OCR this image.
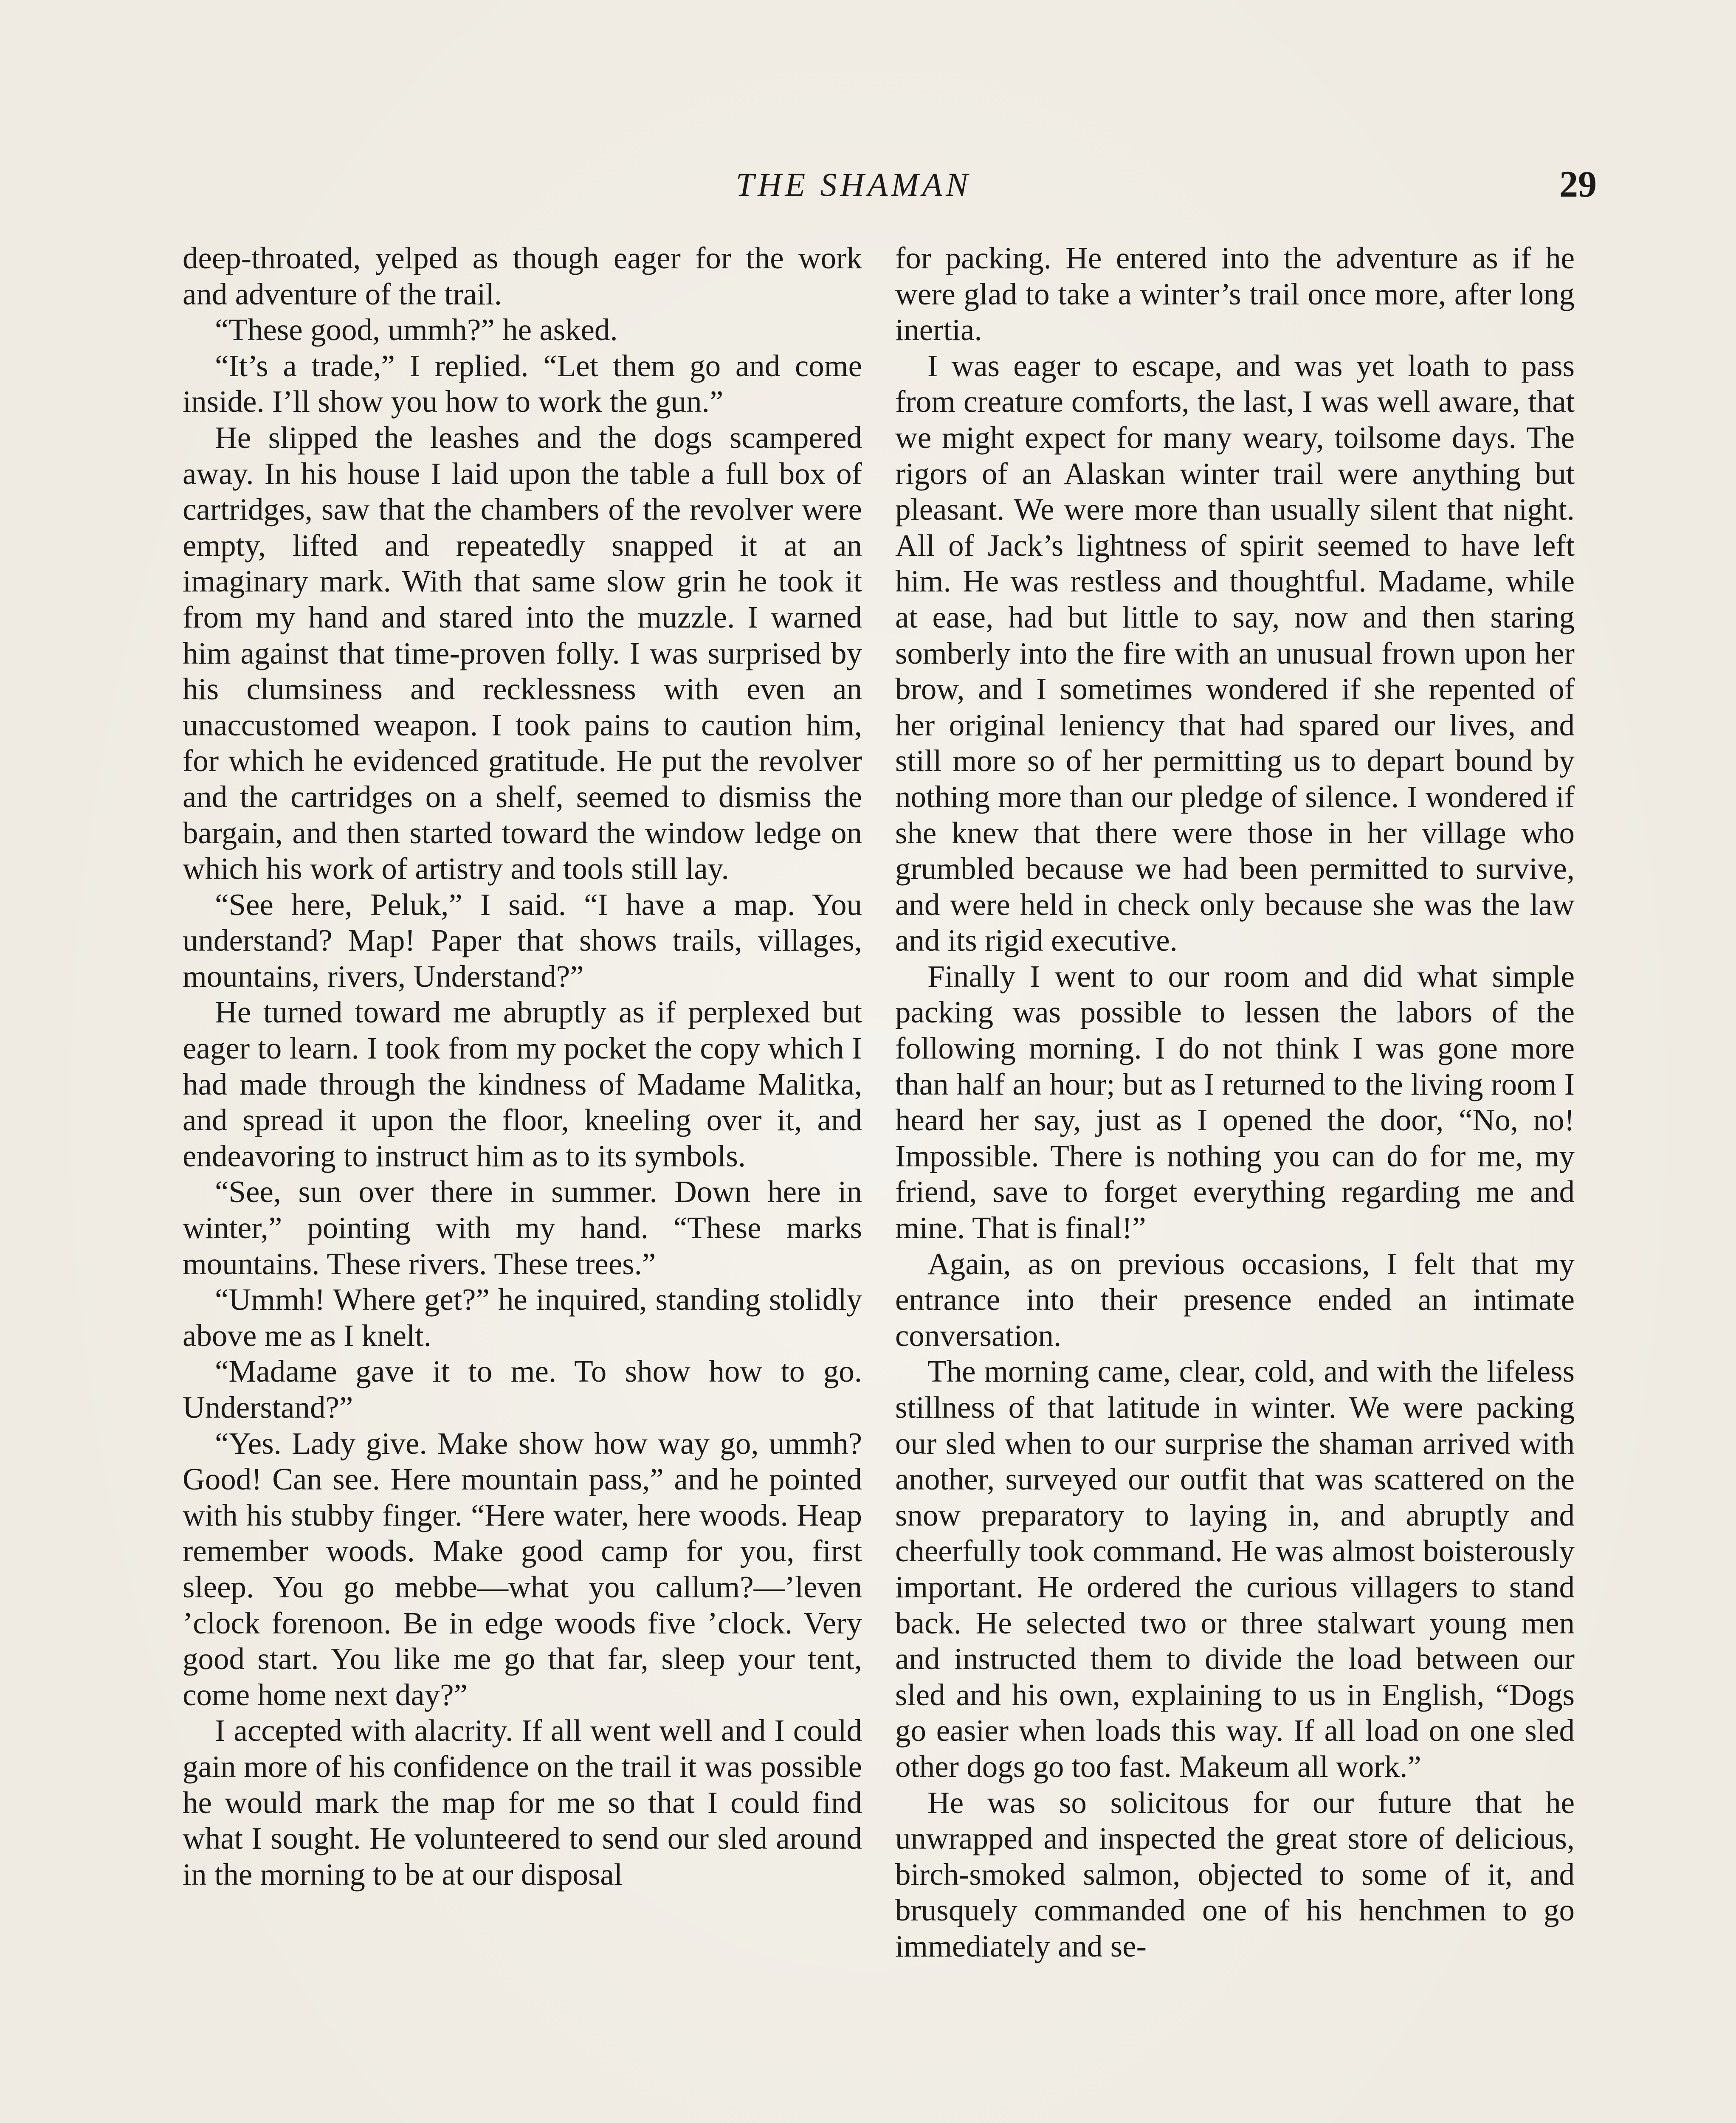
THE SHAMAN	29

deep-throated, yelped as though eager for the work and adventure of the trail.

“These good, ummh?” he asked.

“It’s a trade,” I replied. “Let them go and come inside. I’ll show you how to work the gun.”

He slipped the leashes and the dogs scampered away. In his house I laid upon the table a full box of cartridges, saw that the chambers of the revolver were empty, lifted and repeatedly snapped it at an imaginary mark. With that same slow grin he took it from my hand and stared into the muzzle. I warned him against that time-proven folly. I was surprised by his clumsiness and recklessness with even an unaccustomed weapon. I took pains to caution him, for which he evidenced gratitude. He put the revolver and the cartridges on a shelf, seemed to dismiss the bargain, and then started toward the window ledge on which his work of artistry and tools still lay.

“See here, Peluk,” I said. “I have a map. You understand? Map! Paper that shows trails, villages, mountains, rivers, Understand?”

He turned toward me abruptly as if perplexed but eager to learn. I took from my pocket the copy which I had made through the kindness of Madame Malitka, and spread it upon the floor, kneeling over it, and endeavoring to instruct him as to its symbols.

“See, sun over there in summer. Down here in winter,” pointing with my hand. “These marks mountains. These rivers. These trees.”

“Ummh! Where get?” he inquired, standing stolidly above me as I knelt.

“Madame gave it to me. To show how to go. Understand?”

“Yes. Lady give. Make show how way go, ummh? Good! Can see. Here mountain pass,” and he pointed with his stubby finger. “Here water, here woods. Heap remember woods. Make good camp for you, first sleep. You go mebbe—what you callum?—’leven ’clock forenoon. Be in edge woods five ’clock. Very good start. You like me go that far, sleep your tent, come home next day?”

I accepted with alacrity. If all went well and I could gain more of his confidence on the trail it was possible he would mark the map for me so that I could find what I sought. He volunteered to send our sled around in the morning to be at our disposal

for packing. He entered into the adventure as if he were glad to take a winter’s trail once more, after long inertia.

I was eager to escape, and was yet loath to pass from creature comforts, the last, I was well aware, that we might expect for many weary, toilsome days. The rigors of an Alaskan winter trail were anything but pleasant. We were more than usually silent that night. All of Jack’s lightness of spirit seemed to have left him. He was restless and thoughtful. Madame, while at ease, had but little to say, now and then staring somberly into the fire with an unusual frown upon her brow, and I sometimes wondered if she repented of her original leniency that had spared our lives, and still more so of her permitting us to depart bound by nothing more than our pledge of silence. I wondered if she knew that there were those in her village who grumbled because we had been permitted to survive, and were held in check only because she was the law and its rigid executive.

Finally I went to our room and did what simple packing was possible to lessen the labors of the following morning. I do not think I was gone more than half an hour; but as I returned to the living room I heard her say, just as I opened the door, “No, no! Impossible. There is nothing you can do for me, my friend, save to forget everything regarding me and mine. That is final!”

Again, as on previous occasions, I felt that my entrance into their presence ended an intimate conversation.

The morning came, clear, cold, and with the lifeless stillness of that latitude in winter. We were packing our sled when to our surprise the shaman arrived with another, surveyed our outfit that was scattered on the snow preparatory to laying in, and abruptly and cheerfully took command. He was almost boisterously important. He ordered the curious villagers to stand back. He selected two or three stalwart young men and instructed them to divide the load between our sled and his own, explaining to us in English, “Dogs go easier when loads this way. If all load on one sled other dogs go too fast. Makeum all work.”

He was so solicitous for our future that he unwrapped and inspected the great store of delicious, birch-smoked salmon, objected to some of it, and brusquely commanded one of his henchmen to go immediately and se-
